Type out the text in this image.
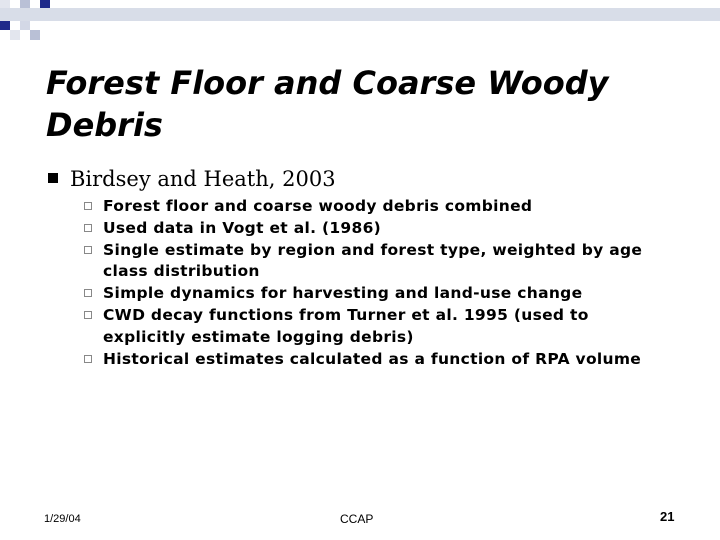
Forest Floor and Coarse Woody Debris
Birdsey and Heath, 2003
Forest floor and coarse woody debris combined
Used data in Vogt et al. (1986)
Single estimate by region and forest type, weighted by age class distribution
Simple dynamics for harvesting and land-use change
CWD decay functions from Turner et al. 1995 (used to explicitly estimate logging debris)
Historical estimates calculated as a function of RPA volume
1/29/04	CCAP	21
